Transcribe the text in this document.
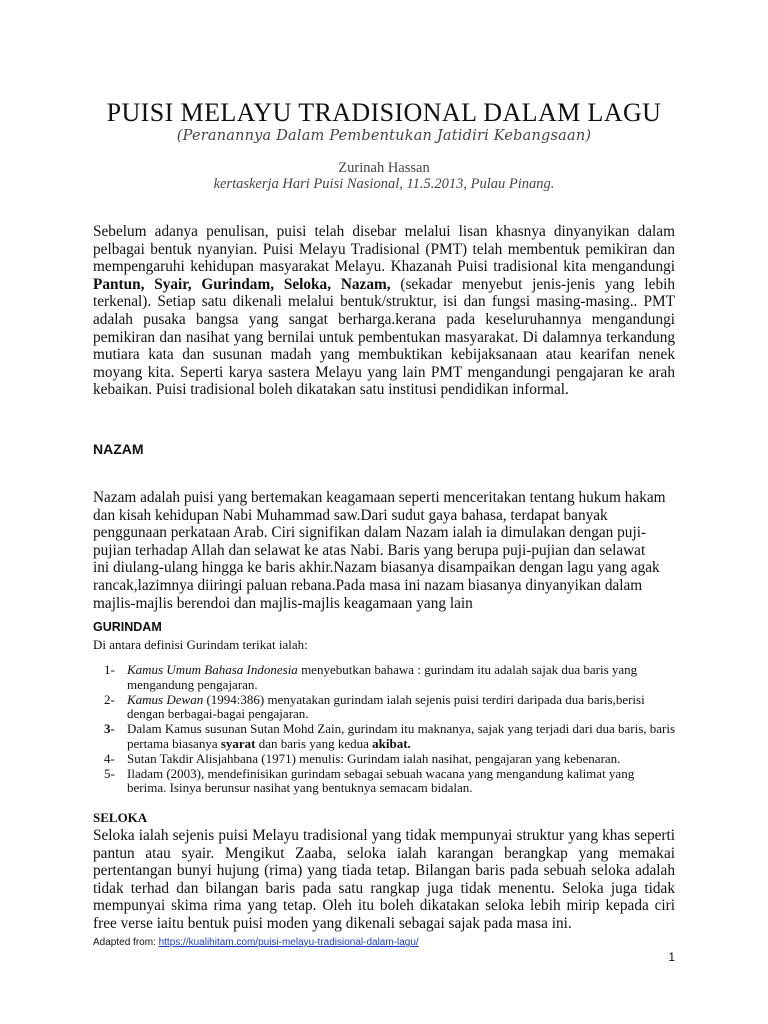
PUISI MELAYU TRADISIONAL DALAM LAGU
(Peranannya Dalam Pembentukan Jatidiri Kebangsaan)
Zurinah Hassan
kertaskerja Hari Puisi Nasional, 11.5.2013, Pulau Pinang.

Sebelum adanya penulisan, puisi telah disebar melalui lisan khasnya dinyanyikan dalam pelbagai bentuk nyanyian. Puisi Melayu Tradisional (PMT) telah membentuk pemikiran dan mempengaruhi kehidupan masyarakat Melayu. Khazanah Puisi tradisional kita mengandungi Pantun, Syair, Gurindam, Seloka, Nazam, (sekadar menyebut jenis-jenis yang lebih terkenal). Setiap satu dikenali melalui bentuk/struktur, isi dan fungsi masing-masing.. PMT adalah pusaka bangsa yang sangat berharga.kerana pada keseluruhannya mengandungi pemikiran dan nasihat yang bernilai untuk pembentukan masyarakat. Di dalamnya terkandung mutiara kata dan susunan madah yang membuktikan kebijaksanaan atau kearifan nenek moyang kita. Seperti karya sastera Melayu yang lain PMT mengandungi pengajaran ke arah kebaikan. Puisi tradisional boleh dikatakan satu institusi pendidikan informal.

NAZAM

Nazam adalah puisi yang bertemakan keagamaan seperti menceritakan tentang hukum hakam
dan kisah kehidupan Nabi Muhammad saw.Dari sudut gaya bahasa, terdapat banyak
penggunaan perkataan Arab. Ciri signifikan dalam Nazam ialah ia dimulakan dengan puji-
pujian terhadap Allah dan selawat ke atas Nabi. Baris yang berupa puji-pujian dan selawat
ini diulang-ulang hingga ke baris akhir.Nazam biasanya disampaikan dengan lagu yang agak
rancak,lazimnya diiringi paluan rebana.Pada masa ini nazam biasanya dinyanyikan dalam
majlis-majlis berendoi dan majlis-majlis keagamaan yang lain

GURINDAM
Di antara definisi Gurindam terikat ialah:
1- Kamus Umum Bahasa Indonesia menyebutkan bahawa : gurindam itu adalah sajak dua baris yang mengandung pengajaran.
2- Kamus Dewan (1994:386) menyatakan gurindam ialah sejenis puisi terdiri daripada dua baris,berisi dengan berbagai-bagai pengajaran.
3- Dalam Kamus susunan Sutan Mohd Zain, gurindam itu maknanya, sajak yang terjadi dari dua baris, baris pertama biasanya syarat dan baris yang kedua akibat.
4- Sutan Takdir Alisjahbana (1971) menulis: Gurindam ialah nasihat, pengajaran yang kebenaran.
5- Iladam (2003), mendefinisikan gurindam sebagai sebuah wacana yang mengandung kalimat yang berima. Isinya berunsur nasihat yang bentuknya semacam bidalan.
SELOKA

Seloka ialah sejenis puisi Melayu tradisional yang tidak mempunyai struktur yang khas seperti pantun atau syair. Mengikut Zaaba, seloka ialah karangan berangkap yang memakai pertentangan bunyi hujung (rima) yang tiada tetap. Bilangan baris pada sebuah seloka adalah tidak terhad dan bilangan baris pada satu rangkap juga tidak menentu. Seloka juga tidak mempunyai skima rima yang tetap. Oleh itu boleh dikatakan seloka lebih mirip kepada ciri free verse iaitu bentuk puisi moden yang dikenali sebagai sajak pada masa ini.

Adapted from: https://kualihitam.com/puisi-melayu-tradisional-dalam-lagu/
1
